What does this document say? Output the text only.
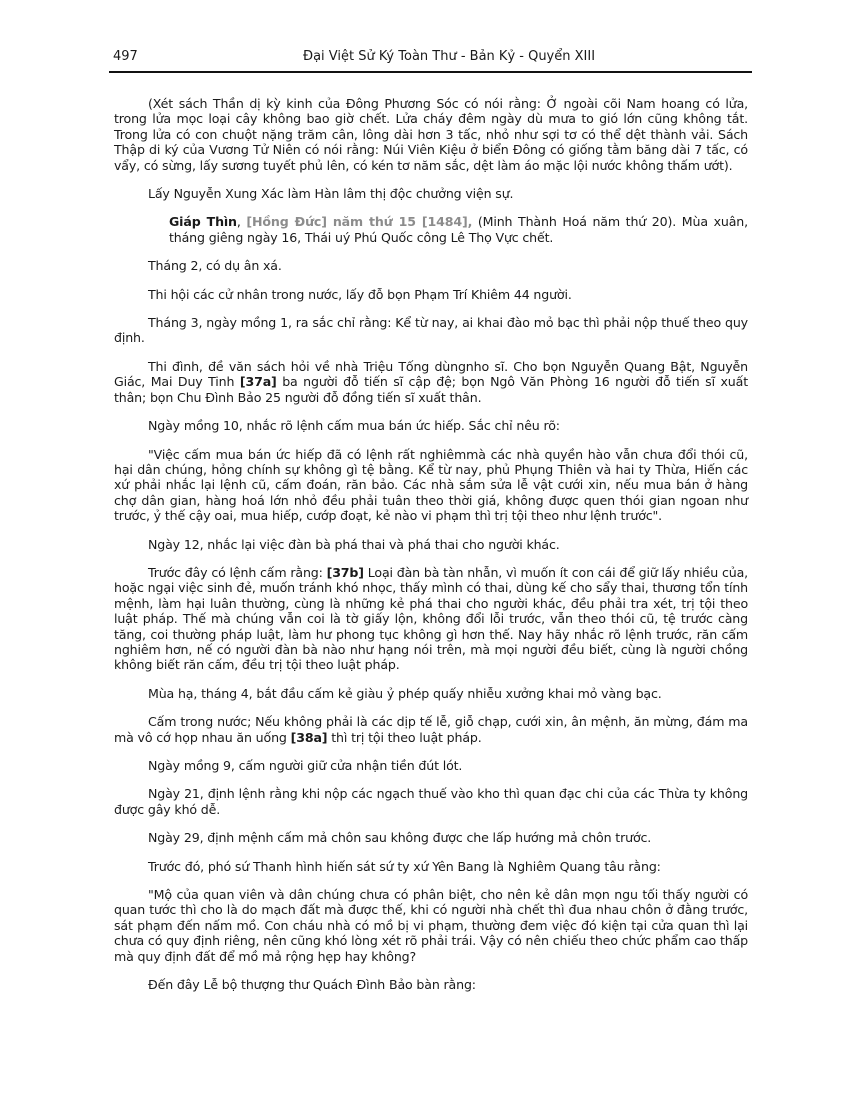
497	Đại Việt Sử Ký Toàn Thư - Bản Kỷ - Quyển XIII

(Xét sách Thần dị kỳ kinh của Đông Phương Sóc có nói rằng: Ở ngoài cõi Nam hoang có lửa, trong lửa mọc loại cây không bao giờ chết. Lửa cháy đêm ngày dù mưa to gió lớn cũng không tắt. Trong lửa có con chuột nặng trăm cân, lông dài hơn 3 tấc, nhỏ như sợi tơ có thể dệt thành vải. Sách Thập di ký của Vương Tử Niên có nói rằng: Núi Viên Kiệu ở biển Đông có giống tằm băng dài 7 tấc, có vẩy, có sừng, lấy sương tuyết phủ lên, có kén tơ năm sắc, dệt làm áo mặc lội nước không thấm ướt).

Lấy Nguyễn Xung Xác làm Hàn lâm thị độc chưởng viện sự.

Giáp Thìn, [Hồng Đức] năm thứ 15 [1484], (Minh Thành Hoá năm thứ 20). Mùa xuân, tháng giêng ngày 16, Thái uý Phú Quốc công Lê Thọ Vực chết.

Tháng 2, có dụ ân xá.

Thi hội các cử nhân trong nước, lấy đỗ bọn Phạm Trí Khiêm 44 người.

Tháng 3, ngày mồng 1, ra sắc chỉ rằng: Kể từ nay, ai khai đào mỏ bạc thì phải nộp thuế theo quy định.

Thi đình, đề văn sách hỏi về nhà Triệu Tống dùngnho sĩ. Cho bọn Nguyễn Quang Bật, Nguyễn Giác, Mai Duy Tinh [37a] ba người đỗ tiến sĩ cập đệ; bọn Ngô Văn Phòng 16 người đỗ tiến sĩ xuất thân; bọn Chu Đình Bảo 25 người đỗ đồng tiến sĩ xuất thân.

Ngày mồng 10, nhắc rõ lệnh cấm mua bán ức hiếp. Sắc chỉ nêu rõ:

"Việc cấm mua bán ức hiếp đã có lệnh rất nghiêmmà các nhà quyền hào vẫn chưa đổi thói cũ, hại dân chúng, hỏng chính sự không gì tệ bằng. Kể từ nay, phủ Phụng Thiên và hai ty Thừa, Hiến các xứ phải nhắc lại lệnh cũ, cấm đoán, răn bảo. Các nhà sắm sửa lễ vật cưới xin, nếu mua bán ở hàng chợ dân gian, hàng hoá lớn nhỏ đều phải tuân theo thời giá, không được quen thói gian ngoan như trước, ỷ thế cậy oai, mua hiếp, cướp đoạt, kẻ nào vi phạm thì trị tội theo như lệnh trước".

Ngày 12, nhắc lại việc đàn bà phá thai và phá thai cho người khác.

Trước đây có lệnh cấm rằng: [37b] Loại đàn bà tàn nhẫn, vì muốn ít con cái để giữ lấy nhiều của, hoặc ngại việc sinh đẻ, muốn tránh khó nhọc, thấy mình có thai, dùng kế cho sẩy thai, thương tổn tính mệnh, làm hại luân thường, cùng là những kẻ phá thai cho người khác, đều phải tra xét, trị tội theo luật pháp. Thế mà chúng vẫn coi là tờ giấy lộn, không đổi lỗi trước, vẫn theo thói cũ, tệ trước càng tăng, coi thường pháp luật, làm hư phong tục không gì hơn thế. Nay hãy nhắc rõ lệnh trước, răn cấm nghiêm hơn, nế có người đàn bà nào như hạng nói trên, mà mọi người đều biết, cùng là người chồng không biết răn cấm, đều trị tội theo luật pháp.

Mùa hạ, tháng 4, bắt đầu cấm kẻ giàu ỷ phép quấy nhiễu xưởng khai mỏ vàng bạc.

Cấm trong nước; Nếu không phải là các dịp tế lễ, giỗ chạp, cưới xin, ân mệnh, ăn mừng, đám ma mà vô cớ họp nhau ăn uống [38a] thì trị tội theo luật pháp.

Ngày mồng 9, cấm người giữ cửa nhận tiền đút lót.

Ngày 21, định lệnh rằng khi nộp các ngạch thuế vào kho thì quan đạc chi của các Thừa ty không được gây khó dễ.

Ngày 29, định mệnh cấm mả chôn sau không được che lấp hướng mả chôn trước.

Trước đó, phó sứ Thanh hình hiến sát sứ ty xứ Yên Bang là Nghiêm Quang tâu rằng:

"Mộ của quan viên và dân chúng chưa có phân biệt, cho nên kẻ dân mọn ngu tối thấy người có quan tước thì cho là do mạch đất mà được thế, khi có người nhà chết thì đua nhau chôn ở đằng trước, sát phạm đến nấm mồ. Con cháu nhà có mồ bị vi phạm, thường đem việc đó kiện tại cửa quan thì lại chưa có quy định riêng, nên cũng khó lòng xét rõ phải trái. Vậy có nên chiếu theo chức phẩm cao thấp mà quy định đất để mồ mả rộng hẹp hay không?

Đến đây Lễ bộ thượng thư Quách Đình Bảo bàn rằng:
